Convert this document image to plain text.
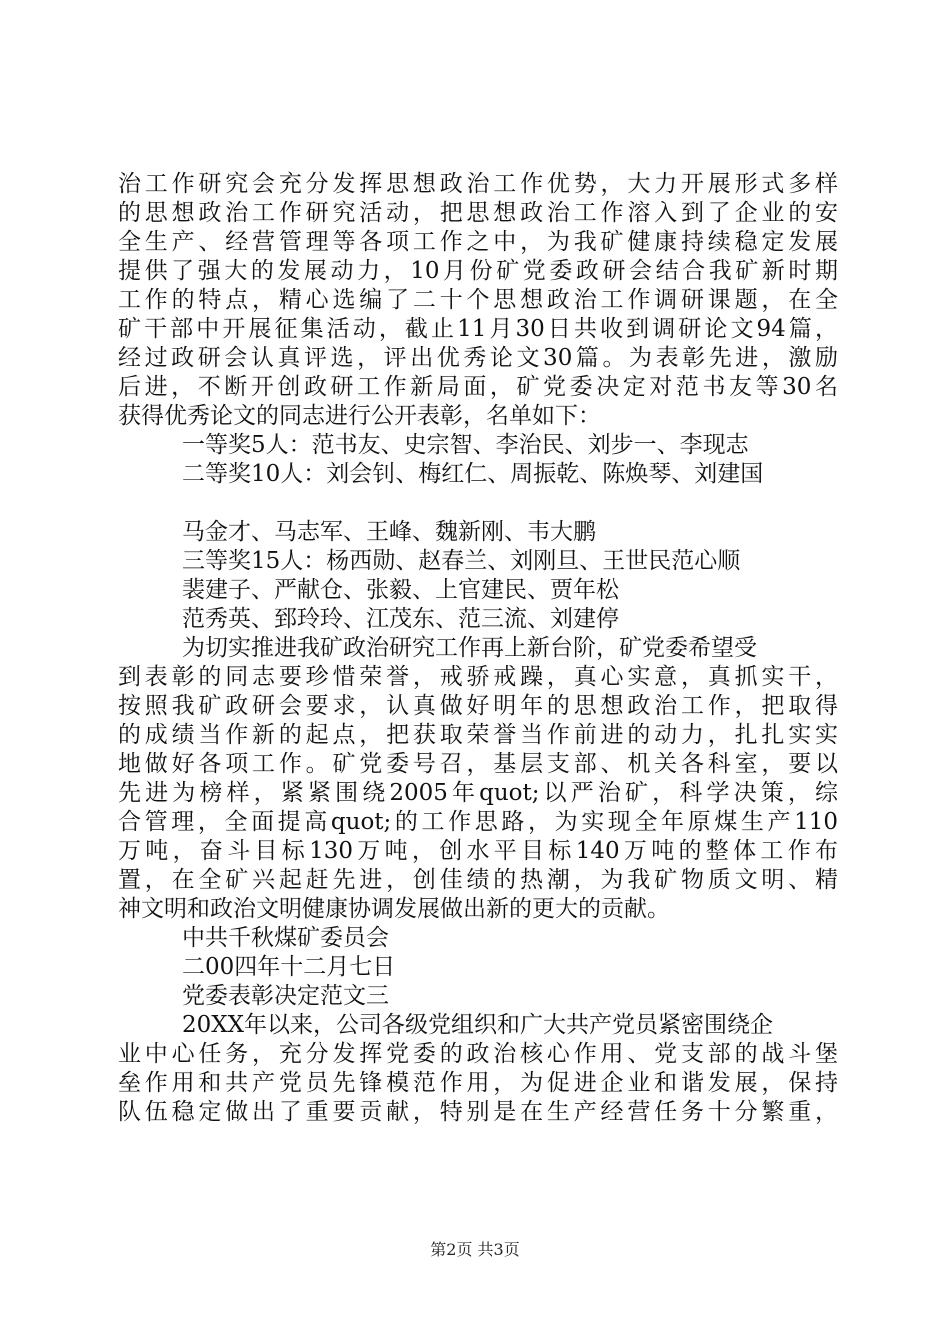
治工作研究会充分发挥思想政治工作优势，大力开展形式多样
的思想政治工作研究活动，把思想政治工作溶入到了企业的安
全生产、经营管理等各项工作之中，为我矿健康持续稳定发展
提供了强大的发展动力，10月份矿党委政研会结合我矿新时期
工作的特点，精心选编了二十个思想政治工作调研课题，在全
矿干部中开展征集活动，截止11月30日共收到调研论文94篇，
经过政研会认真评选，评出优秀论文30篇。为表彰先进，激励
后进，不断开创政研工作新局面，矿党委决定对范书友等30名
获得优秀论文的同志进行公开表彰，名单如下：
一等奖5人：范书友、史宗智、李治民、刘步一、李现志
二等奖10人：刘会钊、梅红仁、周振乾、陈焕琴、刘建国
马金才、马志军、王峰、魏新刚、韦大鹏
三等奖15人：杨西勋、赵春兰、刘刚旦、王世民范心顺
裴建子、严献仓、张毅、上官建民、贾年松
范秀英、郅玲玲、江茂东、范三流、刘建停
为切实推进我矿政治研究工作再上新台阶，矿党委希望受
到表彰的同志要珍惜荣誉，戒骄戒躁，真心实意，真抓实干，
按照我矿政研会要求，认真做好明年的思想政治工作，把取得
的成绩当作新的起点，把获取荣誉当作前进的动力，扎扎实实
地做好各项工作。矿党委号召，基层支部、机关各科室，要以
先进为榜样，紧紧围绕2005年quot;以严治矿，科学决策，综
合管理，全面提高quot;的工作思路，为实现全年原煤生产110
万吨，奋斗目标130万吨，创水平目标140万吨的整体工作布
置，在全矿兴起赶先进，创佳绩的热潮，为我矿物质文明、精
神文明和政治文明健康协调发展做出新的更大的贡献。
中共千秋煤矿委员会
二00四年十二月七日
党委表彰决定范文三
20XX年以来，公司各级党组织和广大共产党员紧密围绕企
业中心任务，充分发挥党委的政治核心作用、党支部的战斗堡
垒作用和共产党员先锋模范作用，为促进企业和谐发展，保持
队伍稳定做出了重要贡献，特别是在生产经营任务十分繁重，
第2页 共3页
